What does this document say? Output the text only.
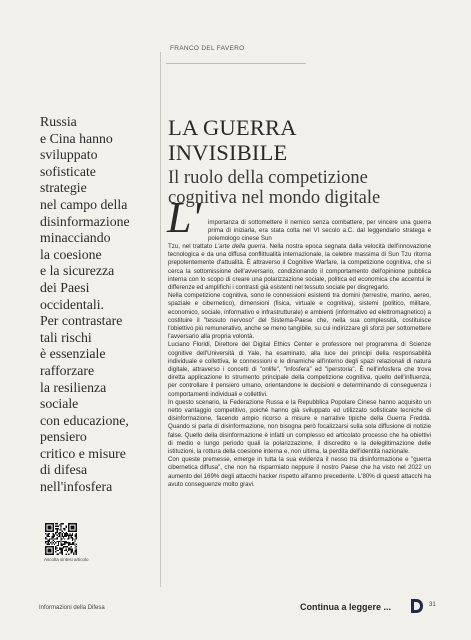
FRANCO DEL FAVERO
Russia
e Cina hanno
sviluppato
sofisticate
strategie
nel campo della
disinformazione
minacciando
la coesione
e la sicurezza
dei Paesi
occidentali.
Per contrastare
tali rischi
è essenziale
rafforzare
la resilienza
sociale
con educazione,
pensiero
critico e misure
di difesa
nell'infosfera
Ascolta sintesi articolo
LA GUERRA
INVISIBILE
Il ruolo della competizione
cognitiva nel mondo digitale
L' importanza di sottomettere il nemico senza combattere, per vincere una guerra prima di iniziarla, era stata colta nel VI secolo a.C. dal leggendario stratega e polemologo cinese Sun

Tzu, nel trattato L'arte della guerra. Nella nostra epoca segnata dalla velocità dell'innovazione tecnologica e da una diffusa conflittualità internazionale, la celebre massima di Sun Tzu ritorna prepotentemente d'attualità. È attraverso il Cognitive Warfare, la competizione cognitiva, che si cerca la sottomissione dell'avversario, condizionando il comportamento dell'opinione pubblica interna con lo scopo di creare una polarizzazione sociale, politica ed economica che accentui le differenze ed amplifichi i contrasti già esistenti nel tessuto sociale per disgregarlo.

Nella competizione cognitiva, sono le connessioni esistenti tra domini (terrestre, marino, aereo, spaziale e cibernetico), dimensioni (fisica, virtuale e cognitiva), sistemi (politico, militare, economico, sociale, informativo e infrastrutturale) e ambienti (informativo ed elettromagnetico) a costituire il "tessuto nervoso" del Sistema-Paese che, nella sua complessità, costituisce l'obiettivo più remunerativo, anche se meno tangibile, su cui indirizzare gli sforzi per sottomettere l'avversario alla propria volontà.

Luciano Floridi, Direttore del Digital Ethics Center e professore nel programma di Scienze cognitive dell'Università di Yale, ha esaminato, alla luce dei principi della responsabilità individuale e collettiva, le connessioni e le dinamiche all'interno degli spazi relazionali di natura digitale, attraverso i concetti di "onlife", "infosfera" ed "iperstoria". È nell'infosfera che trova diretta applicazione lo strumento principale della competizione cognitiva, quello dell'influenza, per controllare il pensiero umano, orientandone le decisioni e determinando di conseguenza i comportamenti individuali e collettivi.

In questo scenario, la Federazione Russa e la Repubblica Popolare Cinese hanno acquisito un netto vantaggio competitivo, poiché hanno già sviluppato ed utilizzato sofisticate tecniche di disinformazione, facendo ampio ricorso a misure e narrative tipiche della Guerra Fredda. Quando si parla di disinformazione, non bisogna però focalizzarsi sulla sola diffusione di notizie false. Quello della disinformazione è infatti un complesso ed articolato processo che ha obiettivi di medio e lungo periodo quali la polarizzazione, il discredito e la delegittimazione delle istituzioni, la rottura della coesione interna e, non ultima, la perdita dell'identità nazionale.

Con queste premesse, emerge in tutta la sua evidenza il nesso tra disinformazione e "guerra cibernetica diffusa", che non ha risparmiato neppure il nostro Paese che ha visto nel 2022 un aumento del 169% degli attacchi hacker rispetto all'anno precedente. L'80% di questi attacchi ha avuto conseguenze molto gravi.

Informazioni della Difesa	Continua a leggere ...	31
